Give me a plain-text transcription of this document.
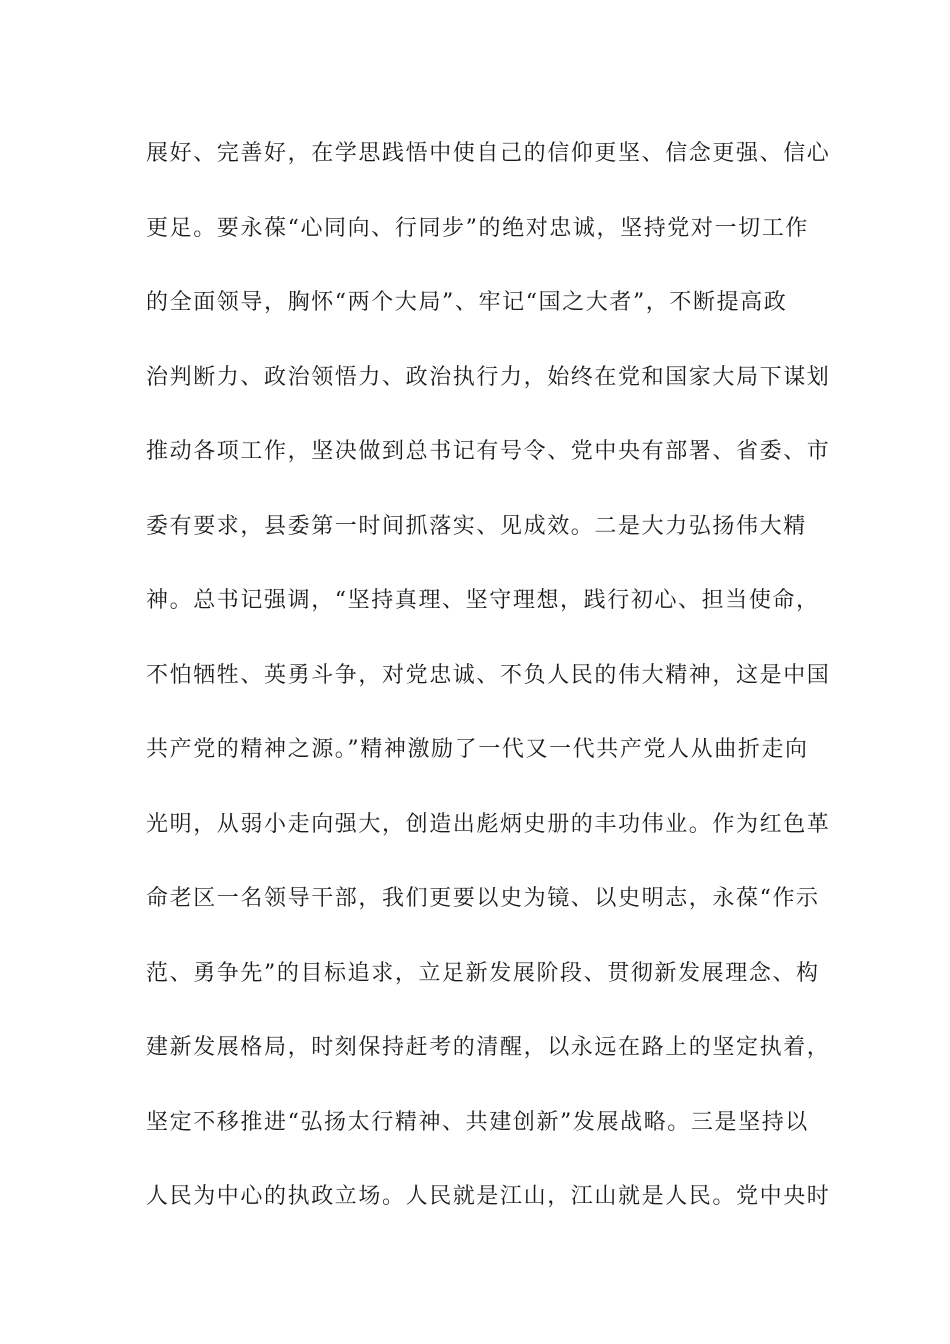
展好、完善好，在学思践悟中使自己的信仰更坚、信念更强、信心
更足。要永葆“心同向、行同步”的绝对忠诚，坚持党对一切工作
的全面领导，胸怀“两个大局”、牢记“国之大者”，不断提高政
治判断力、政治领悟力、政治执行力，始终在党和国家大局下谋划
推动各项工作，坚决做到总书记有号令、党中央有部署、省委、市
委有要求，县委第一时间抓落实、见成效。二是大力弘扬伟大精
神。总书记强调，“坚持真理、坚守理想，践行初心、担当使命，
不怕牺牲、英勇斗争，对党忠诚、不负人民的伟大精神，这是中国
共产党的精神之源。”精神激励了一代又一代共产党人从曲折走向
光明，从弱小走向强大，创造出彪炳史册的丰功伟业。作为红色革
命老区一名领导干部，我们更要以史为镜、以史明志，永葆“作示
范、勇争先”的目标追求，立足新发展阶段、贯彻新发展理念、构
建新发展格局，时刻保持赶考的清醒，以永远在路上的坚定执着，
坚定不移推进“弘扬太行精神、共建创新”发展战略。三是坚持以
人民为中心的执政立场。人民就是江山，江山就是人民。党中央时
